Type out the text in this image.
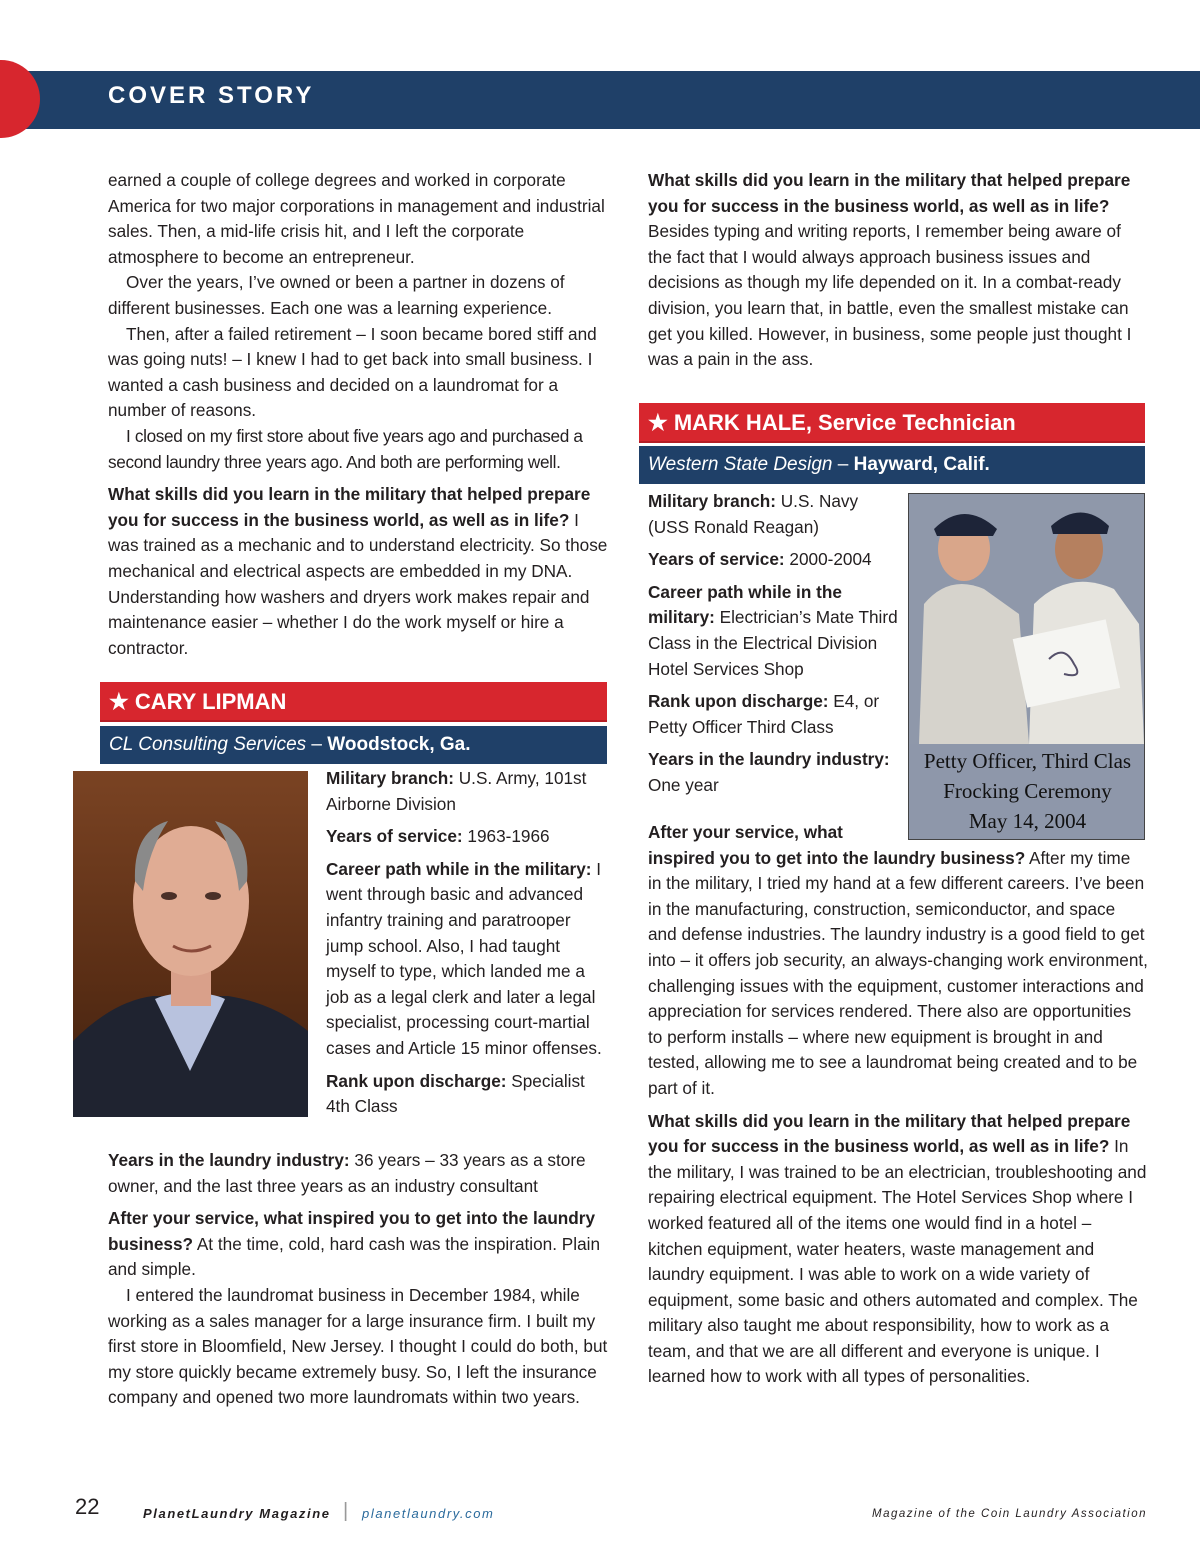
COVER STORY

earned a couple of college degrees and worked in corporate America for two major corporations in management and industrial sales. Then, a mid-life crisis hit, and I left the corporate atmosphere to become an entrepreneur.

Over the years, I’ve owned or been a partner in dozens of different businesses. Each one was a learning experience.

Then, after a failed retirement – I soon became bored stiff and was going nuts! – I knew I had to get back into small business. I wanted a cash business and decided on a laundromat for a number of reasons.

I closed on my first store about five years ago and purchased a second laundry three years ago. And both are performing well.

What skills did you learn in the military that helped prepare you for success in the business world, as well as in life? I was trained as a mechanic and to understand electricity. So those mechanical and electrical aspects are embedded in my DNA. Understanding how washers and dryers work makes repair and maintenance easier – whether I do the work myself or hire a contractor.

★ CARY LIPMAN
CL Consulting Services – Woodstock, Ga.

Military branch: U.S. Army, 101st Airborne Division

Years of service: 1963-1966

Career path while in the military: I went through basic and advanced infantry training and paratrooper jump school. Also, I had taught myself to type, which landed me a job as a legal clerk and later a legal specialist, processing court-martial cases and Article 15 minor offenses.

Rank upon discharge: Specialist 4th Class

Years in the laundry industry: 36 years – 33 years as a store owner, and the last three years as an industry consultant

After your service, what inspired you to get into the laundry business? At the time, cold, hard cash was the inspiration. Plain and simple.

I entered the laundromat business in December 1984, while working as a sales manager for a large insurance firm. I built my first store in Bloomfield, New Jersey. I thought I could do both, but my store quickly became extremely busy. So, I left the insurance company and opened two more laundromats within two years.

What skills did you learn in the military that helped prepare you for success in the business world, as well as in life?

Besides typing and writing reports, I remember being aware of the fact that I would always approach business issues and decisions as though my life depended on it. In a combat-ready division, you learn that, in battle, even the smallest mistake can get you killed. However, in business, some people just thought I was a pain in the ass.

★ MARK HALE, Service Technician
Western State Design – Hayward, Calif.
Petty Officer, Third Clas
Frocking Ceremony
May 14, 2004

Military branch: U.S. Navy (USS Ronald Reagan)

Years of service: 2000-2004

Career path while in the military: Electrician’s Mate Third Class in the Electrical Division Hotel Services Shop

Rank upon discharge: E4, or Petty Officer Third Class

Years in the laundry industry: One year

After your service, what inspired you to get into the laundry business? After my time in the military, I tried my hand at a few different careers. I’ve been in the manufacturing, construction, semiconductor, and space and defense industries. The laundry industry is a good field to get into – it offers job security, an always-changing work environment, challenging issues with the equipment, customer interactions and appreciation for services rendered. There also are opportunities to perform installs – where new equipment is brought in and tested, allowing me to see a laundromat being created and to be part of it.

What skills did you learn in the military that helped prepare you for success in the business world, as well as in life? In the military, I was trained to be an electrician, troubleshooting and repairing electrical equipment. The Hotel Services Shop where I worked featured all of the items one would find in a hotel – kitchen equipment, water heaters, waste management and laundry equipment. I was able to work on a wide variety of equipment, some basic and others automated and complex. The military also taught me about responsibility, how to work as a team, and that we are all different and everyone is unique. I learned how to work with all types of personalities.

22	PlanetLaundry Magazine | planetlaundry.com	Magazine of the Coin Laundry Association
